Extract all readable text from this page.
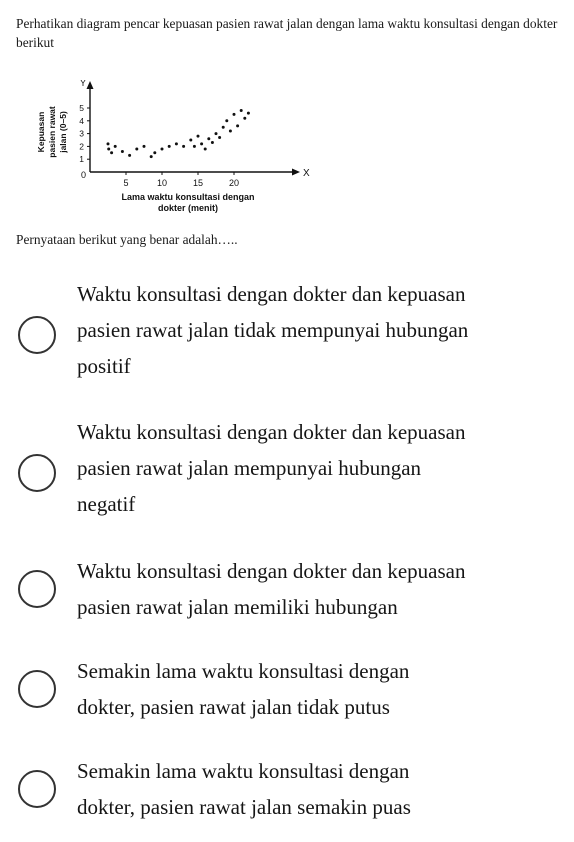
Perhatikan diagram pencar kepuasan pasien rawat jalan dengan lama waktu konsultasi dengan dokter berikut
X
Y
0
5	10	15	20
1
2
3
4
5
Kepuasan pasien rawat jalan (0–5)
Lama waktu konsultasi dengan
dokter (menit)
Pernyataan berikut yang benar adalah…..
Waktu konsultasi dengan dokter dan kepuasan
pasien rawat jalan tidak mempunyai hubungan
positif
Waktu konsultasi dengan dokter dan kepuasan
pasien rawat jalan mempunyai hubungan
negatif
Waktu konsultasi dengan dokter dan kepuasan
pasien rawat jalan memiliki hubungan
Semakin lama waktu konsultasi dengan
dokter, pasien rawat jalan tidak putus
Semakin lama waktu konsultasi dengan
dokter, pasien rawat jalan semakin puas
